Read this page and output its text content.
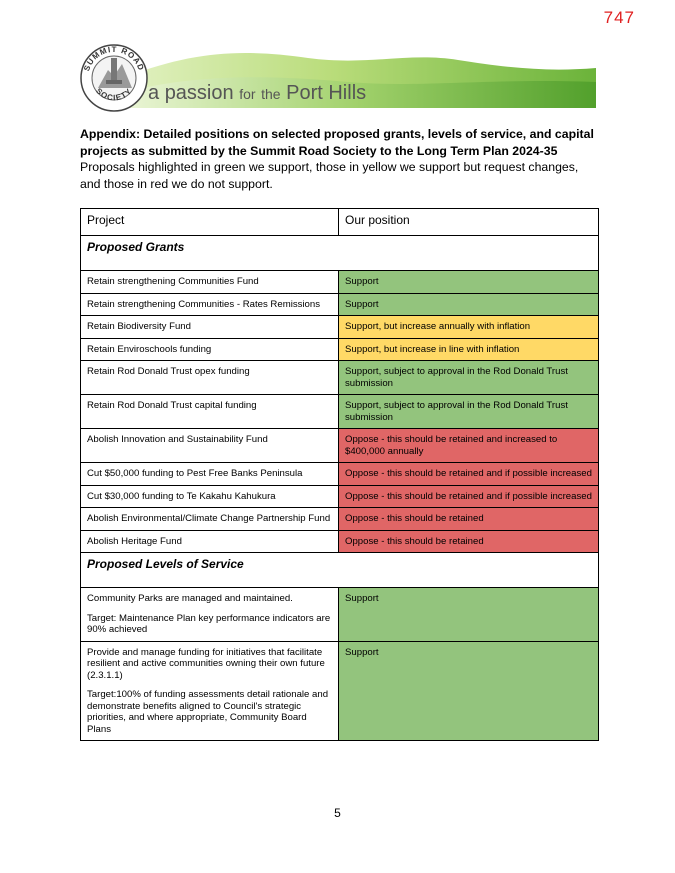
747
SUMMIT ROAD
SOCIETY a passion for the Port Hills
Appendix: Detailed positions on selected proposed grants, levels of service, and capital projects as submitted by the Summit Road Society to the Long Term Plan 2024-35
Proposals highlighted in green we support, those in yellow we support but request changes, and those in red we do not support.
Project	Our position
Proposed Grants	
Retain strengthening Communities Fund	Support
Retain strengthening Communities - Rates Remissions	Support
Retain Biodiversity Fund	Support, but increase annually with inflation
Retain Enviroschools funding	Support, but increase in line with inflation
Retain Rod Donald Trust opex funding	Support, subject to approval in the Rod Donald Trust submission
Retain Rod Donald Trust capital funding	Support, subject to approval in the Rod Donald Trust submission
Abolish Innovation and Sustainability Fund	Oppose - this should be retained and increased to $400,000 annually
Cut $50,000 funding to Pest Free Banks Peninsula	Oppose - this should be retained and if possible increased
Cut $30,000 funding to Te Kakahu Kahukura	Oppose - this should be retained and if possible increased
Abolish Environmental/Climate Change Partnership Fund	Oppose - this should be retained
Abolish Heritage Fund	Oppose - this should be retained
Proposed Levels of Service	

Community Parks are managed and maintained.
Target: Maintenance Plan key performance indicators are 90% achieved	Support

Provide and manage funding for initiatives that facilitate resilient and active communities owning their own future (2.3.1.1)
Target:100% of funding assessments detail rationale and demonstrate benefits aligned to Council's strategic priorities, and where appropriate, Community Board Plans	Support
5
